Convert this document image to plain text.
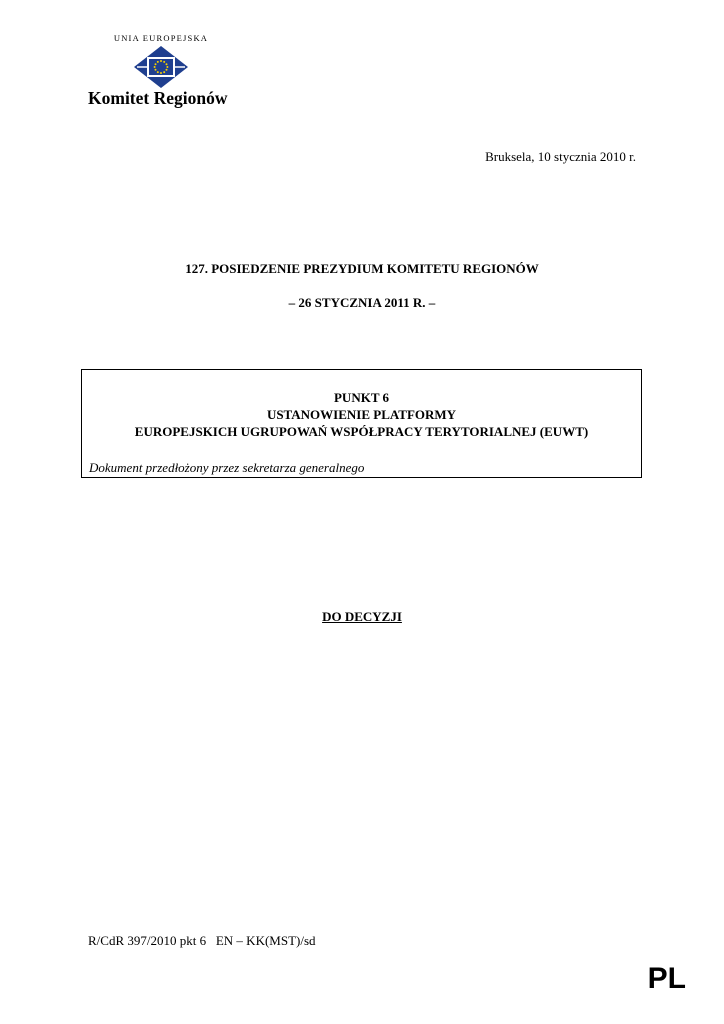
UNIA EUROPEJSKA
Komitet Regionów
Bruksela, 10 stycznia 2010 r.
127. POSIEDZENIE PREZYDIUM KOMITETU REGIONÓW
– 26 STYCZNIA 2011 R. –
PUNKT 6
USTANOWIENIE PLATFORMY
EUROPEJSKICH UGRUPOWAŃ WSPÓŁPRACY TERYTORIALNEJ (EUWT)
Dokument przedłożony przez sekretarza generalnego
DO DECYZJI
R/CdR 397/2010 pkt 6   EN – KK(MST)/sd
PL
